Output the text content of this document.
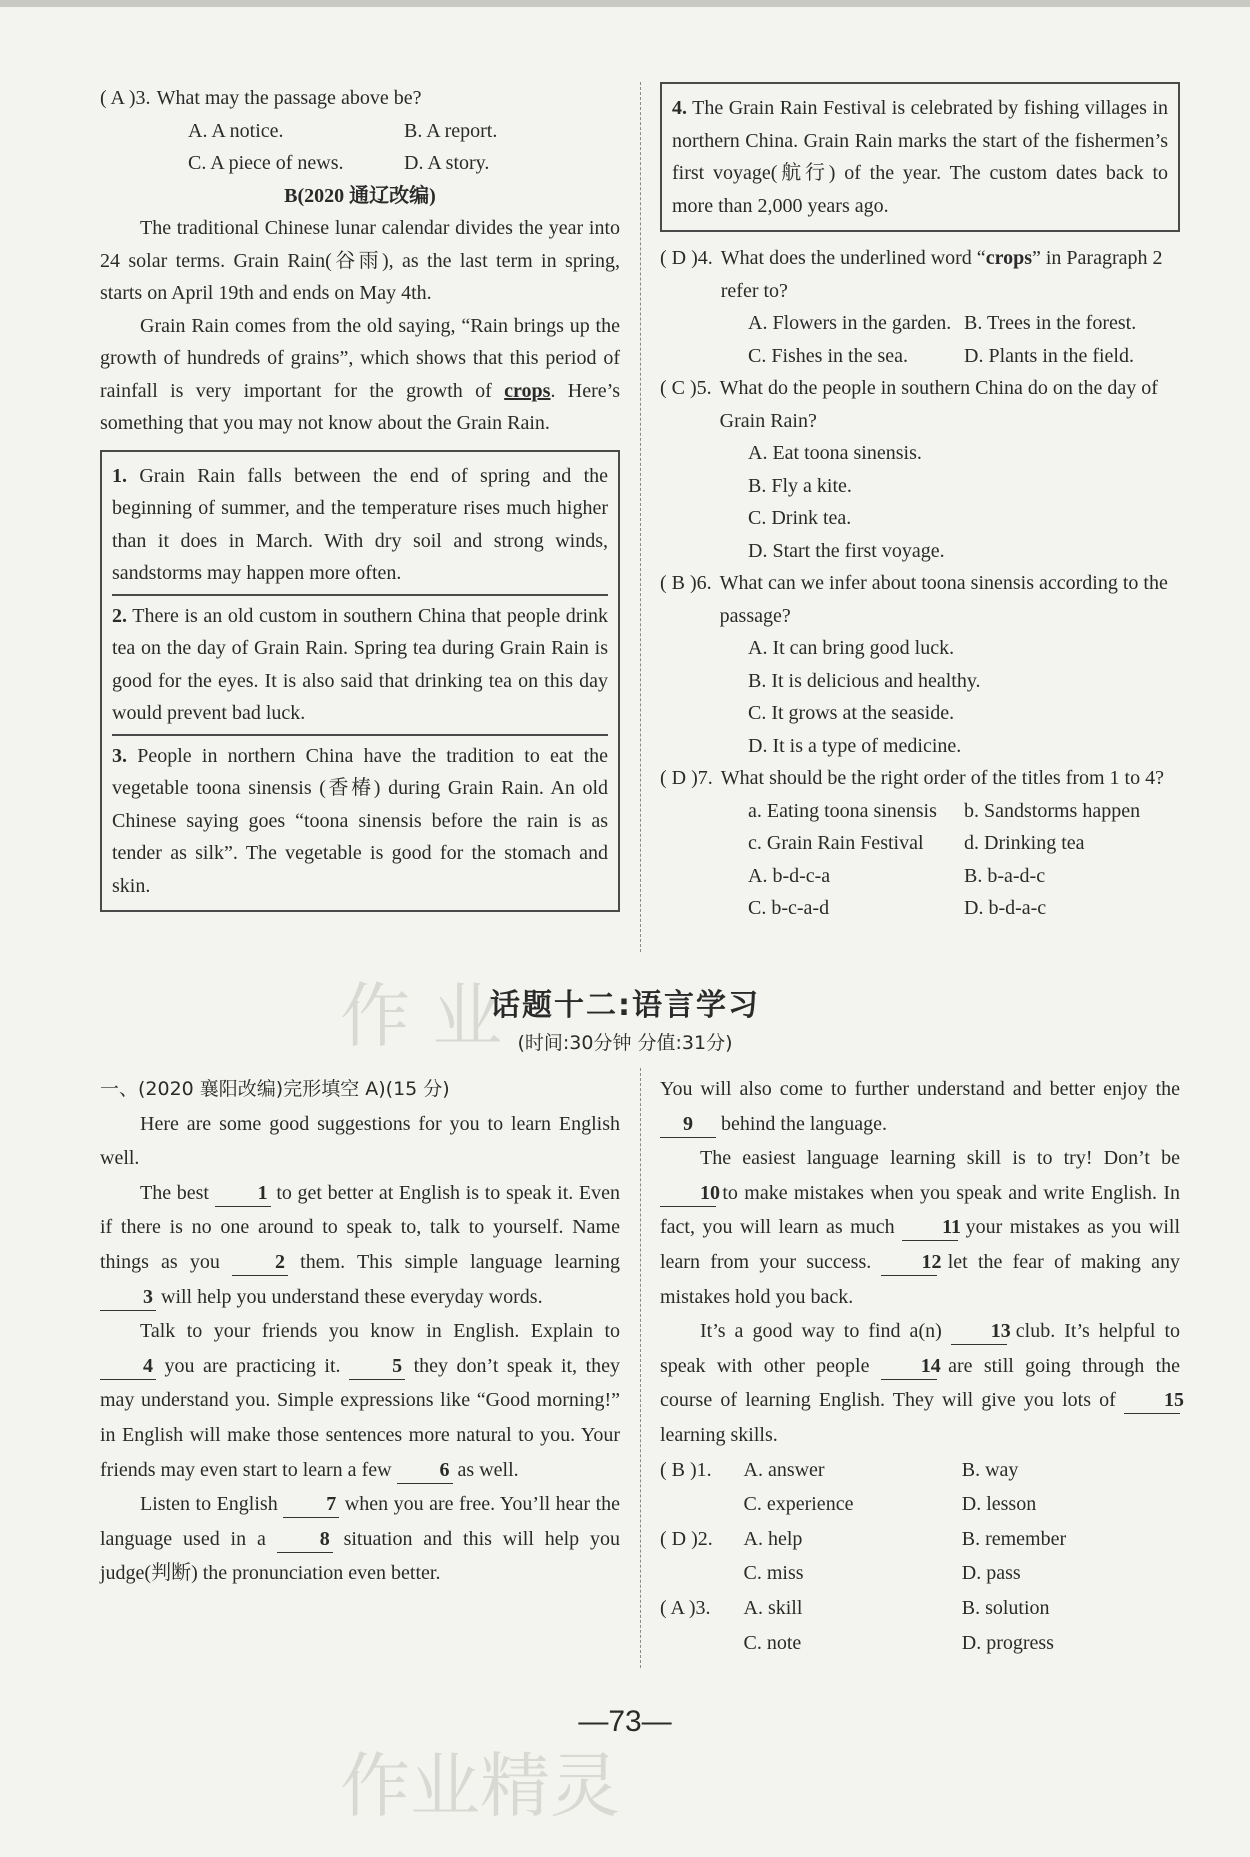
( A )3. What may the passage above be?
A. A notice.	B. A report.
C. A piece of news.	D. A story.

B(2020 通辽改编)

The traditional Chinese lunar calendar divides the year into 24 solar terms. Grain Rain(谷雨), as the last term in spring, starts on April 19th and ends on May 4th.

Grain Rain comes from the old saying, “Rain brings up the growth of hundreds of grains”, which shows that this period of rainfall is very important for the growth of crops. Here’s something that you may not know about the Grain Rain.

1. Grain Rain falls between the end of spring and the beginning of summer, and the temperature rises much higher than it does in March. With dry soil and strong winds, sandstorms may happen more often.

2. There is an old custom in southern China that people drink tea on the day of Grain Rain. Spring tea during Grain Rain is good for the eyes. It is also said that drinking tea on this day would prevent bad luck.

3. People in northern China have the tradition to eat the vegetable toona sinensis (香椿) during Grain Rain. An old Chinese saying goes “toona sinensis before the rain is as tender as silk”. The vegetable is good for the stomach and skin.

4. The Grain Rain Festival is celebrated by fishing villages in northern China. Grain Rain marks the start of the fishermen’s first voyage(航行) of the year. The custom dates back to more than 2,000 years ago.

( D )4. What does the underlined word “crops” in Paragraph 2 refer to?
A. Flowers in the garden. B. Trees in the forest.
C. Fishes in the sea.	D. Plants in the field.
( C )5. What do the people in southern China do on the day of Grain Rain?
A. Eat toona sinensis.
B. Fly a kite.
C. Drink tea.
D. Start the first voyage.
( B )6. What can we infer about toona sinensis according to the passage?
A. It can bring good luck.
B. It is delicious and healthy.
C. It grows at the seaside.
D. It is a type of medicine.
( D )7. What should be the right order of the titles from 1 to 4?
a. Eating toona sinensis	b. Sandstorms happen
c. Grain Rain Festival	d. Drinking tea
A. b-d-c-a	B. b-a-d-c
C. b-c-a-d	D. b-d-a-c
作 业
作业精灵
话题十二:语言学习
(时间:30分钟 分值:31分)

一、(2020 襄阳改编)完形填空 A)(15 分)

Here are some good suggestions for you to learn English well.

The best 1 to get better at English is to speak it. Even if there is no one around to speak to, talk to yourself. Name things as you	2 them. This simple language learning 3 will help you understand these everyday words.

Talk to your friends you know in English. Explain to 4 you are practicing it.	5 they don’t speak it, they may understand you. Simple expressions like “Good morning!” in English will make those sentences more natural to you. Your friends may even start to learn a few 6 as well.

Listen to English 7 when you are free. You’ll hear the language used in a	8 situation and this will help you judge(判断) the pronunciation even better.

You will also come to further understand and better enjoy the 9 behind the language.

The easiest language learning skill is to try! Don’t be 10 to make mistakes when you speak and write English. In fact, you will learn as much 11 your mistakes as you will learn from your success.	12 let the fear of making any mistakes hold you back.

It’s a good way to find a(n) 13 club. It’s helpful to speak with other people	14 are still going through the course of learning English. They will give you lots of 15 learning skills.

( B )1.	A. answer	B. way
C. experience	D. lesson
( D )2.	A. help	B. remember
C. miss	D. pass
( A )3.	A. skill	B. solution
C. note	D. progress
—73—
